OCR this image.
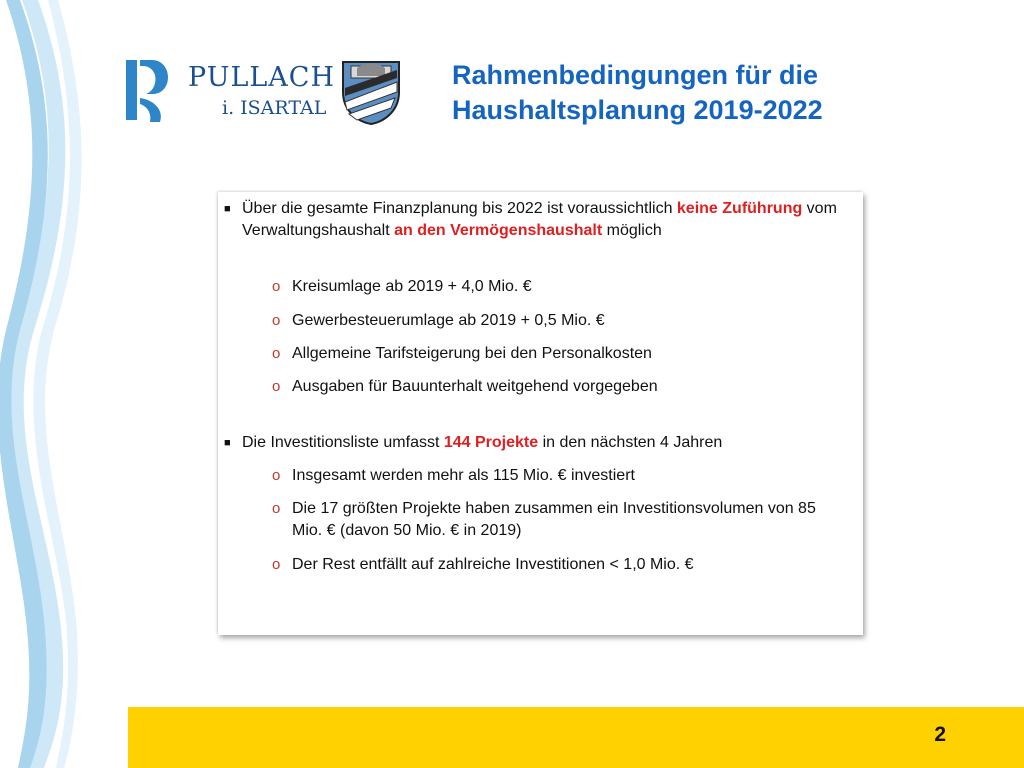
PULLACH
i. ISARTAL
Rahmenbedingungen für die
Haushaltsplanung 2019-2022
■ Über die gesamte Finanzplanung bis 2022 ist voraussichtlich keine Zuführung vom Verwaltungshaushalt an den Vermögenshaushalt möglich
o Kreisumlage ab 2019 + 4,0 Mio. €
o Gewerbesteuerumlage ab 2019 + 0,5 Mio. €
o Allgemeine Tarifsteigerung bei den Personalkosten
o Ausgaben für Bauunterhalt weitgehend vorgegeben
■ Die Investitionsliste umfasst 144 Projekte in den nächsten 4 Jahren
o Insgesamt werden mehr als 115 Mio. € investiert
o Die 17 größten Projekte haben zusammen ein Investitionsvolumen von 85 Mio. € (davon 50 Mio. € in 2019)
o Der Rest entfällt auf zahlreiche Investitionen < 1,0 Mio. €
2
